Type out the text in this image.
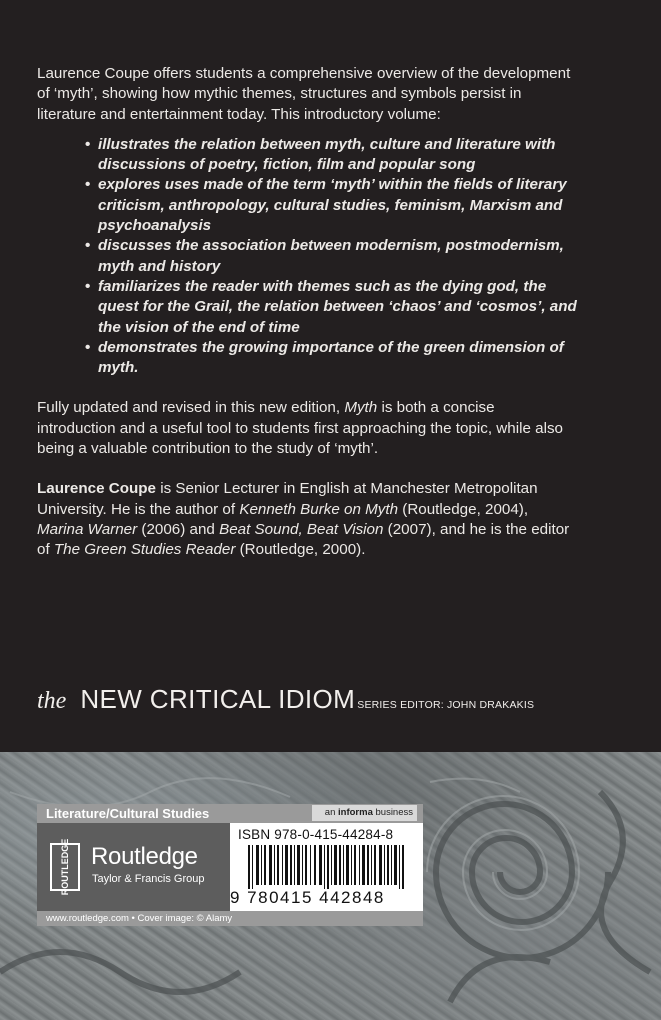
Laurence Coupe offers students a comprehensive overview of the development of ‘myth’, showing how mythic themes, structures and symbols persist in literature and entertainment today. This introductory volume:

• illustrates the relation between myth, culture and literature with discussions of poetry, fiction, film and popular song
• explores uses made of the term ‘myth’ within the fields of literary criticism, anthropology, cultural studies, feminism, Marxism and psychoanalysis
• discusses the association between modernism, postmodernism, myth and history
• familiarizes the reader with themes such as the dying god, the quest for the Grail, the relation between ‘chaos’ and ‘cosmos’, and the vision of the end of time
• demonstrates the growing importance of the green dimension of myth.

Fully updated and revised in this new edition, Myth is both a concise introduction and a useful tool to students first approaching the topic, while also being a valuable contribution to the study of ‘myth’.

Laurence Coupe is Senior Lecturer in English at Manchester Metropolitan University. He is the author of Kenneth Burke on Myth (Routledge, 2004), Marina Warner (2006) and Beat Sound, Beat Vision (2007), and he is the editor of The Green Studies Reader (Routledge, 2000).

the NEW CRITICAL IDIOM SERIES EDITOR: JOHN DRAKAKIS
Literature/Cultural Studies	an informa business
ROUTLEDGE Routledge
Taylor & Francis Group
ISBN 978-0-415-44284-8
9 780415 442848
www.routledge.com • Cover image: © Alamy
